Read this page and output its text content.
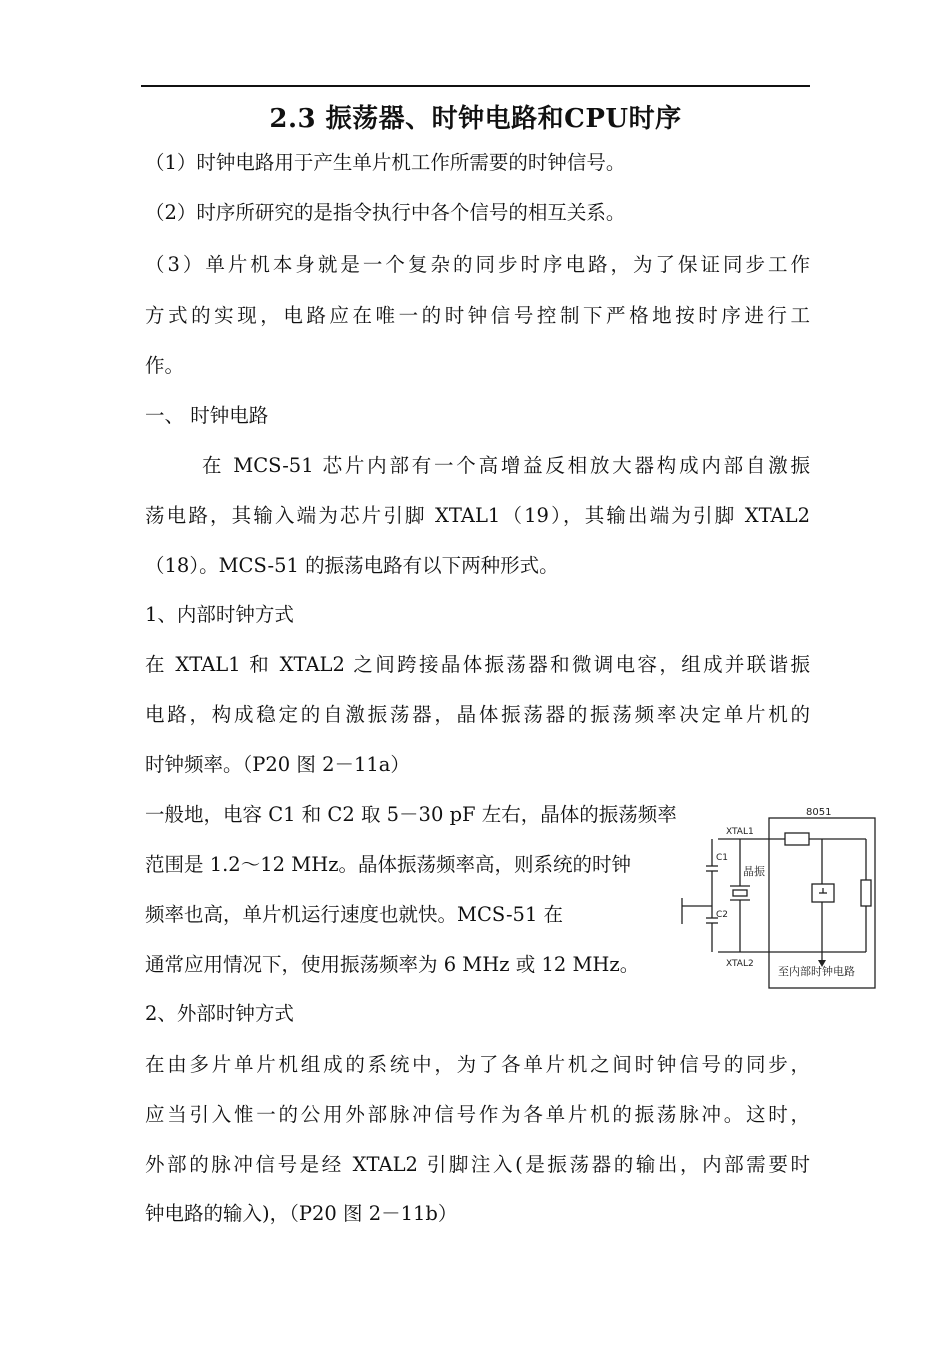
2.3 振荡器、时钟电路和CPU时序
（1）时钟电路用于产生单片机工作所需要的时钟信号。
（2）时序所研究的是指令执行中各个信号的相互关系。
（3）单片机本身就是一个复杂的同步时序电路，为了保证同步工作
方式的实现，电路应在唯一的时钟信号控制下严格地按时序进行工
作。
一、 时钟电路
在 MCS-51 芯片内部有一个高增益反相放大器构成内部自激振
荡电路，其输入端为芯片引脚 XTAL1（19），其输出端为引脚 XTAL2
（18）。MCS-51 的振荡电路有以下两种形式。
1、内部时钟方式
在 XTAL1 和 XTAL2 之间跨接晶体振荡器和微调电容，组成并联谐振
电路，构成稳定的自激振荡器，晶体振荡器的振荡频率决定单片机的
时钟频率。（P20 图 2－11a）
一般地，电容 C1 和 C2 取 5－30 pF 左右，晶体的振荡频率
范围是 1.2～12 MHz。晶体振荡频率高，则系统的时钟
频率也高，单片机运行速度也就快。MCS-51 在
通常应用情况下，使用振荡频率为 6 MHz 或 12 MHz。
2、外部时钟方式
在由多片单片机组成的系统中，为了各单片机之间时钟信号的同步，
应当引入惟一的公用外部脉冲信号作为各单片机的振荡脉冲。这时，
外部的脉冲信号是经 XTAL2 引脚注入(是振荡器的输出，内部需要时
钟电路的输入)，（P20 图 2－11b）
8051
XTAL1
XTAL2
C1
C2
晶振
至内部时钟电路
